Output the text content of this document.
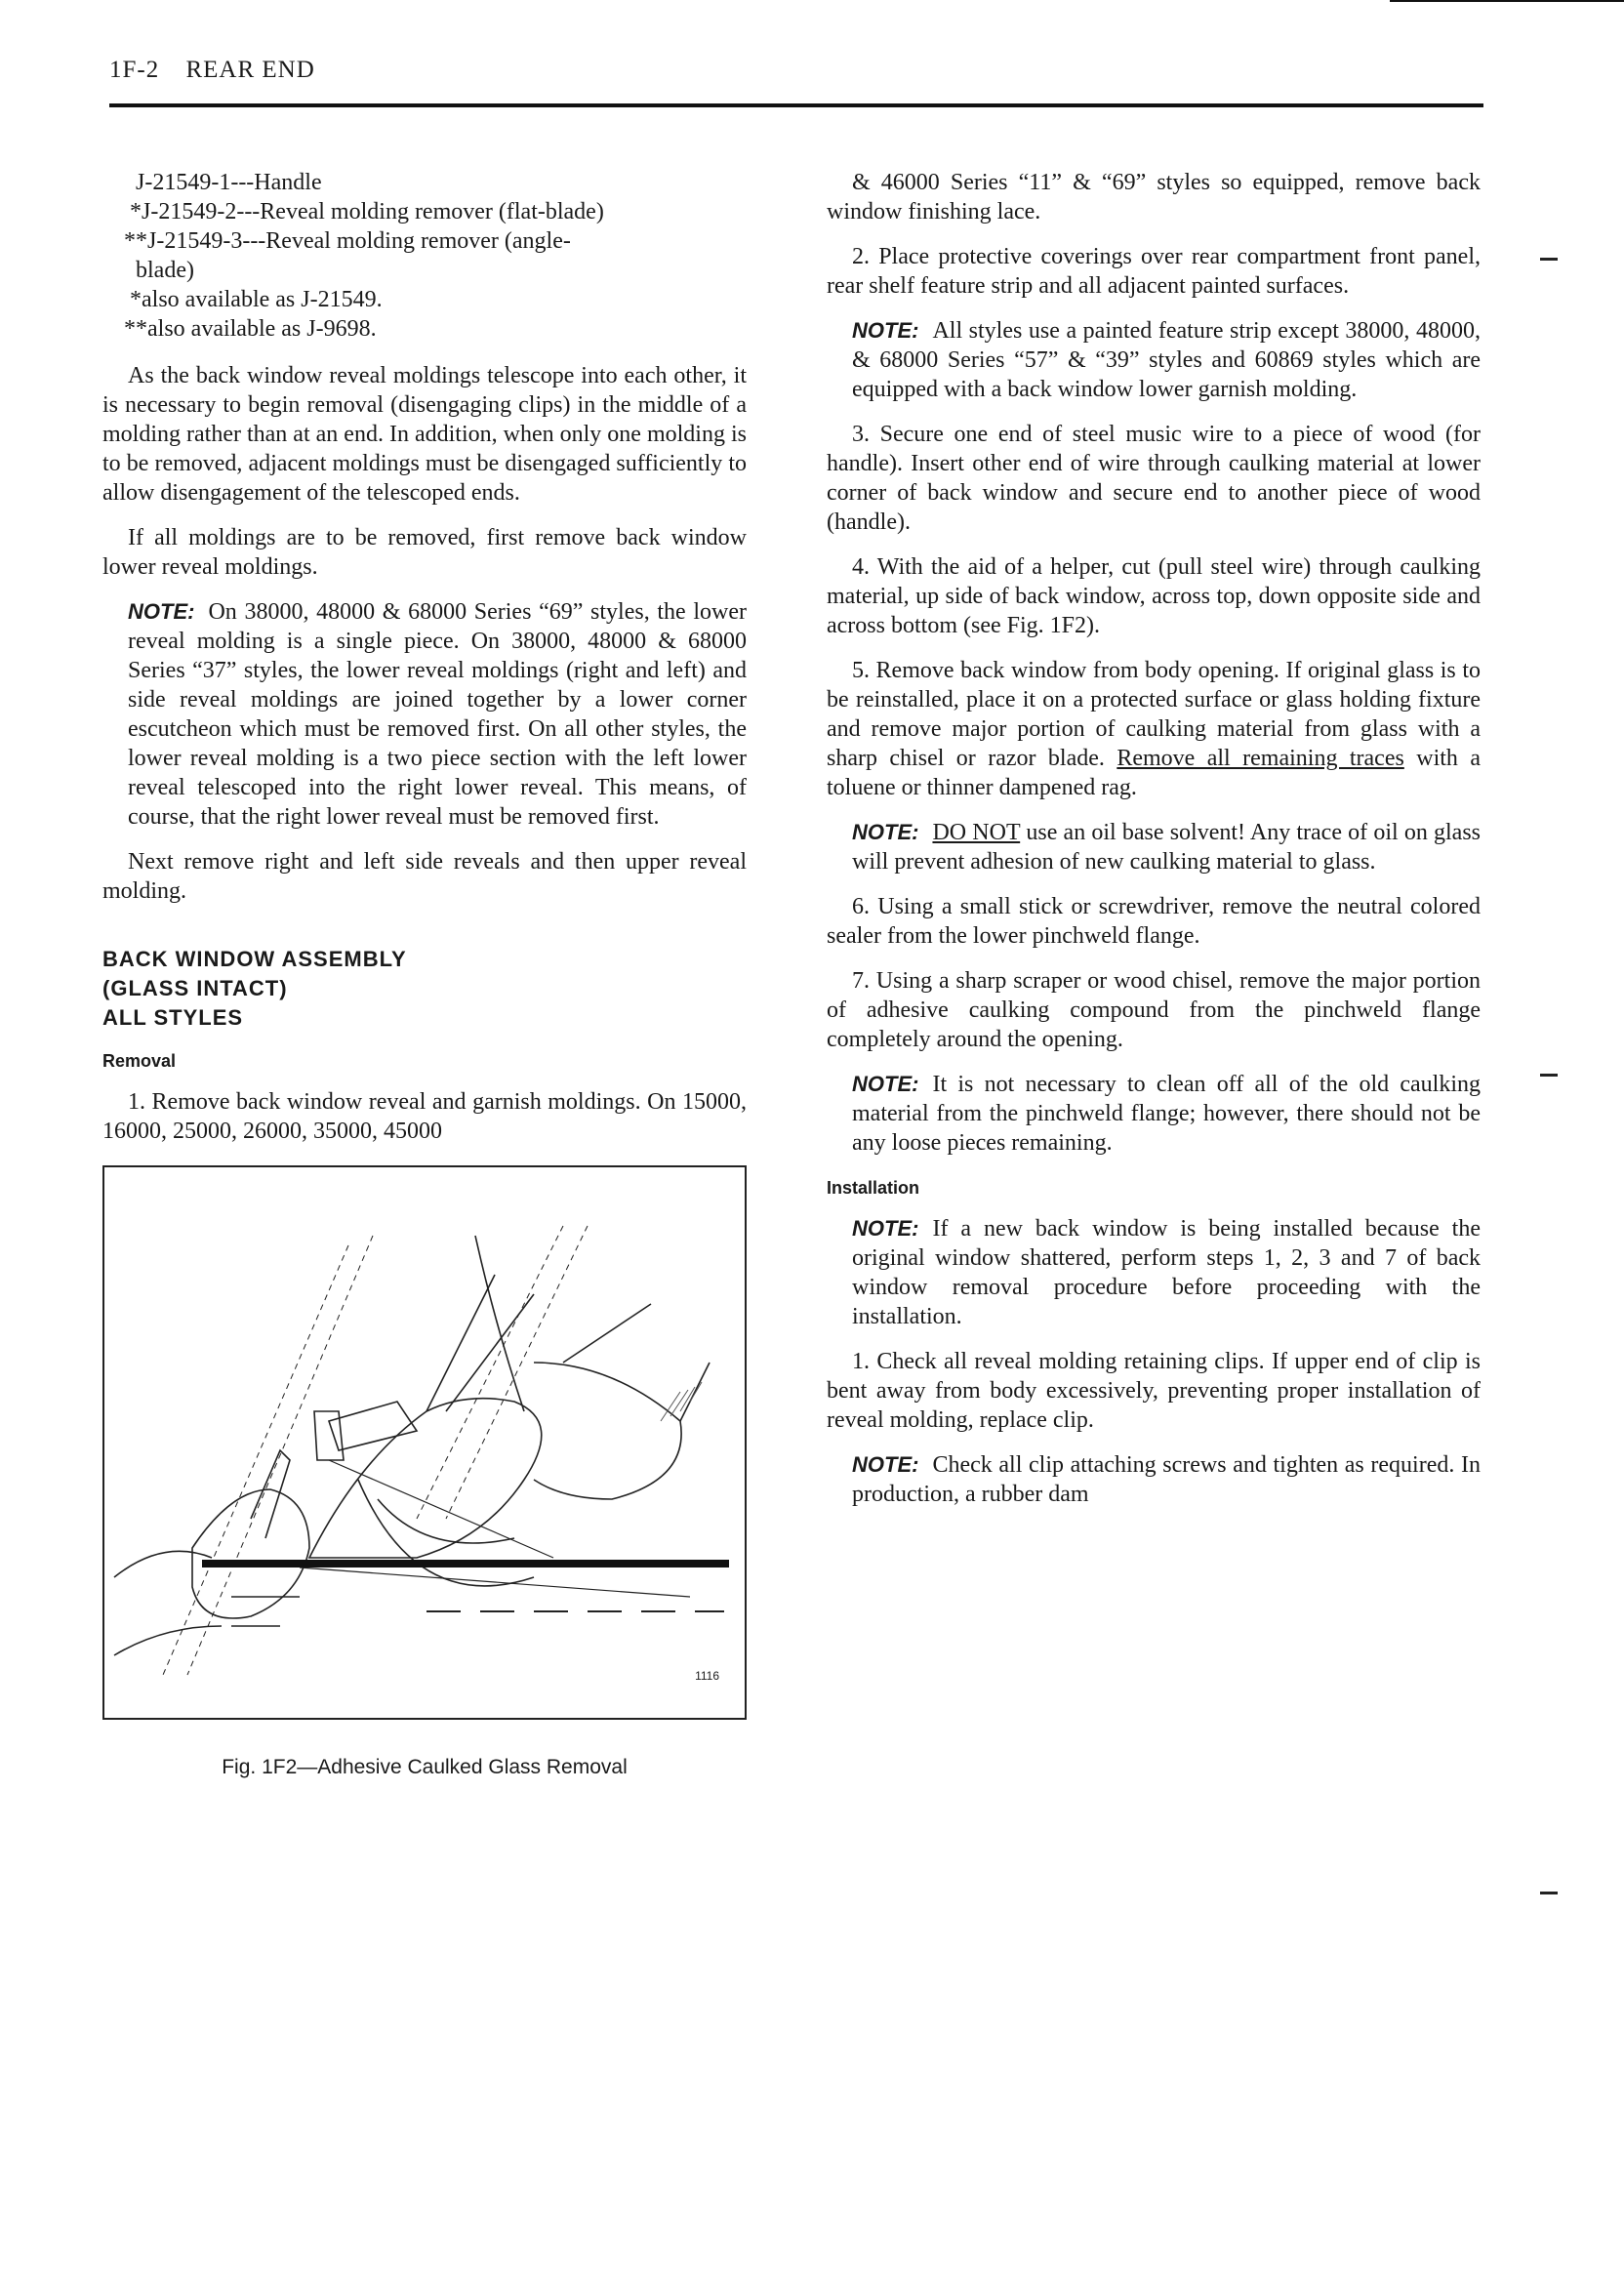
1F-2 REAR END
J-21549-1---Handle
*J-21549-2---Reveal molding remover (flat-blade)
**J-21549-3---Reveal molding remover (angle-
blade)
*also available as J-21549.
**also available as J-9698.

As the back window reveal moldings telescope into each other, it is necessary to begin removal (disengaging clips) in the middle of a molding rather than at an end. In addition, when only one molding is to be removed, adjacent moldings must be disengaged sufficiently to allow disengagement of the telescoped ends.

If all moldings are to be removed, first remove back window lower reveal moldings.

NOTE: On 38000, 48000 & 68000 Series “69” styles, the lower reveal molding is a single piece. On 38000, 48000 & 68000 Series “37” styles, the lower reveal moldings (right and left) and side reveal moldings are joined together by a lower corner escutcheon which must be removed first. On all other styles, the lower reveal molding is a two piece section with the left lower reveal telescoped into the right lower reveal. This means, of course, that the right lower reveal must be removed first.

Next remove right and left side reveals and then upper reveal molding.

BACK WINDOW ASSEMBLY
(GLASS INTACT)
ALL STYLES
Removal

1. Remove back window reveal and garnish moldings. On 15000, 16000, 25000, 26000, 35000, 45000

1116
Fig. 1F2—Adhesive Caulked Glass Removal

& 46000 Series “11” & “69” styles so equipped, remove back window finishing lace.

2. Place protective coverings over rear compartment front panel, rear shelf feature strip and all adjacent painted surfaces.

NOTE: All styles use a painted feature strip except 38000, 48000, & 68000 Series “57” & “39” styles and 60869 styles which are equipped with a back window lower garnish molding.

3. Secure one end of steel music wire to a piece of wood (for handle). Insert other end of wire through caulking material at lower corner of back window and secure end to another piece of wood (handle).

4. With the aid of a helper, cut (pull steel wire) through caulking material, up side of back window, across top, down opposite side and across bottom (see Fig. 1F2).

5. Remove back window from body opening. If original glass is to be reinstalled, place it on a protected surface or glass holding fixture and remove major portion of caulking material from glass with a sharp chisel or razor blade. Remove all remaining traces with a toluene or thinner dampened rag.

NOTE: DO NOT use an oil base solvent! Any trace of oil on glass will prevent adhesion of new caulking material to glass.

6. Using a small stick or screwdriver, remove the neutral colored sealer from the lower pinchweld flange.

7. Using a sharp scraper or wood chisel, remove the major portion of adhesive caulking compound from the pinchweld flange completely around the opening.

NOTE: It is not necessary to clean off all of the old caulking material from the pinchweld flange; however, there should not be any loose pieces remaining.

Installation

NOTE: If a new back window is being installed because the original window shattered, perform steps 1, 2, 3 and 7 of back window removal procedure before proceeding with the installation.

1. Check all reveal molding retaining clips. If upper end of clip is bent away from body excessively, preventing proper installation of reveal molding, replace clip.

NOTE: Check all clip attaching screws and tighten as required. In production, a rubber dam
